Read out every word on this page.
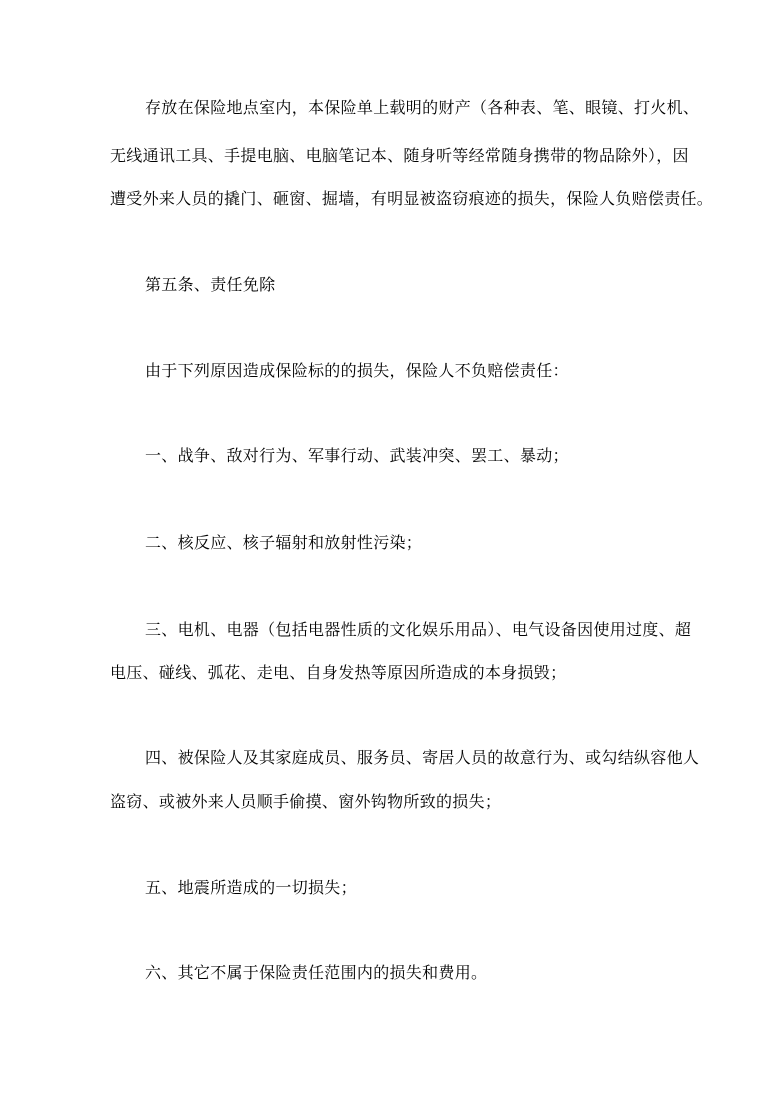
存放在保险地点室内，本保险单上载明的财产（各种表、笔、眼镜、打火机、
无线通讯工具、手提电脑、电脑笔记本、随身听等经常随身携带的物品除外），因
遭受外来人员的撬门、砸窗、掘墙，有明显被盗窃痕迹的损失，保险人负赔偿责任。
第五条、责任免除
由于下列原因造成保险标的的损失，保险人不负赔偿责任：
一、战争、敌对行为、军事行动、武装冲突、罢工、暴动；
二、核反应、核子辐射和放射性污染；
三、电机、电器（包括电器性质的文化娱乐用品）、电气设备因使用过度、超
电压、碰线、弧花、走电、自身发热等原因所造成的本身损毁；
四、被保险人及其家庭成员、服务员、寄居人员的故意行为、或勾结纵容他人
盗窃、或被外来人员顺手偷摸、窗外钩物所致的损失；
五、地震所造成的一切损失；
六、其它不属于保险责任范围内的损失和费用。
